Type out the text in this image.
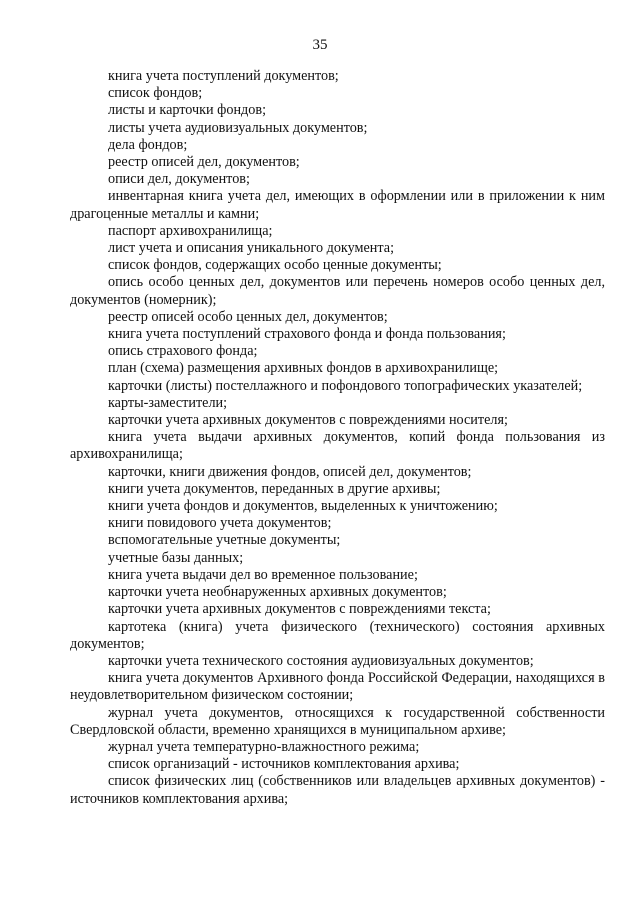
35

книга учета поступлений документов;

список фондов;

листы и карточки фондов;

листы учета аудиовизуальных документов;

дела фондов;

реестр описей дел, документов;

описи дел, документов;

инвентарная книга учета дел, имеющих в оформлении или в приложении к ним драгоценные металлы и камни;

паспорт архивохранилища;

лист учета и описания уникального документа;

список фондов, содержащих особо ценные документы;

опись особо ценных дел, документов или перечень номеров особо ценных дел, документов (номерник);

реестр описей особо ценных дел, документов;

книга учета поступлений страхового фонда и фонда пользования;

опись страхового фонда;

план (схема) размещения архивных фондов в архивохранилище;

карточки (листы) постеллажного и пофондового топографических указателей;

карты-заместители;

карточки учета архивных документов с повреждениями носителя;

книга учета выдачи архивных документов, копий фонда пользования из архивохранилища;

карточки, книги движения фондов, описей дел, документов;

книги учета документов, переданных в другие архивы;

книги учета фондов и документов, выделенных к уничтожению;

книги повидового учета документов;

вспомогательные учетные документы;

учетные базы данных;

книга учета выдачи дел во временное пользование;

карточки учета необнаруженных архивных документов;

карточки учета архивных документов с повреждениями текста;

картотека (книга) учета физического (технического) состояния архивных документов;

карточки учета технического состояния аудиовизуальных документов;

книга учета документов Архивного фонда Российской Федерации, находящихся в неудовлетворительном физическом состоянии;

журнал учета документов, относящихся к государственной собственности Свердловской области, временно хранящихся в муниципальном архиве;

журнал учета температурно-влажностного режима;

список организаций - источников комплектования архива;

список физических лиц (собственников или владельцев архивных документов) - источников комплектования архива;
